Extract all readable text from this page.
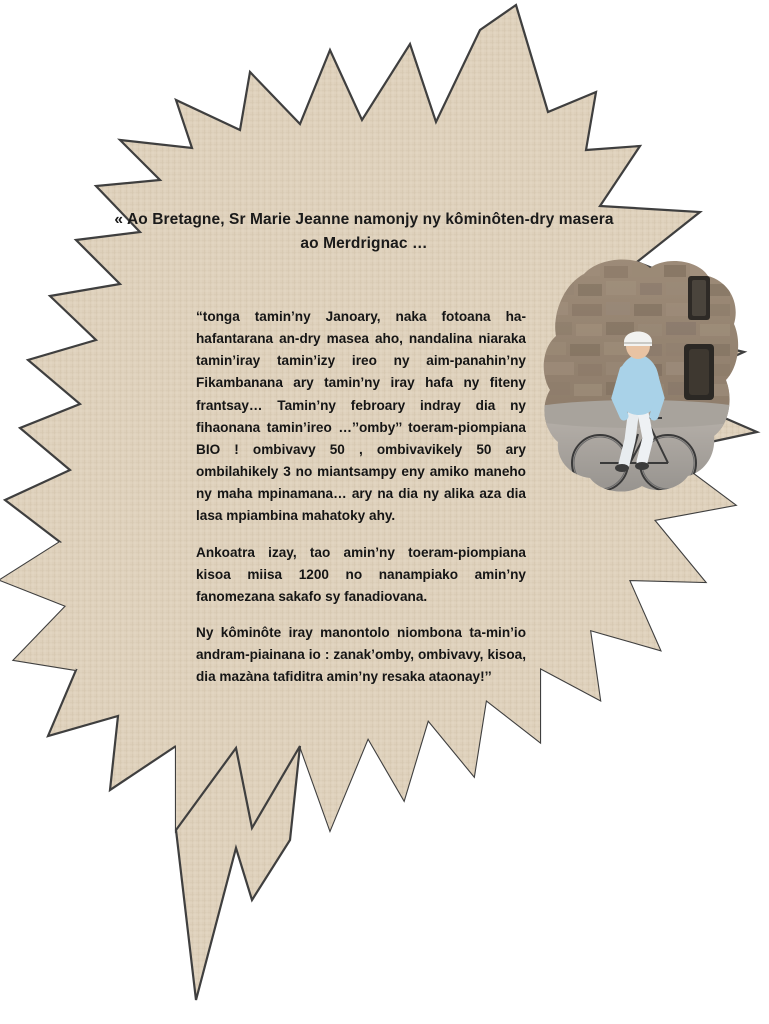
« Ao Bretagne, Sr Marie Jeanne namonjy ny kôminôten-dry masera ao Merdrignac …

“tonga tamin’ny Janoary, naka fotoana ha-hafantarana an-dry masea aho, nandalina niaraka tamin’iray tamin’izy ireo ny aim-panahin’ny Fikambanana ary tamin’ny iray hafa ny fiteny frantsay… Tamin’ny febroary indray dia ny fihaonana tamin’ireo …’’omby’’ toeram-piompiana BIO ! ombivavy 50 , ombivavikely 50 ary ombilahikely 3 no miantsampy eny amiko maneho ny maha mpinamana… ary na dia ny alika aza dia lasa mpiambina mahatoky ahy.

Ankoatra izay, tao amin’ny toeram-piompiana kisoa miisa 1200 no nanampiako amin’ny fanomezana sakafo sy fanadiovana.

Ny kôminôte iray manontolo niombona ta-min’io andram-piainana io : zanak’omby, ombivavy, kisoa, dia mazàna tafiditra amin’ny resaka ataonay!’’
